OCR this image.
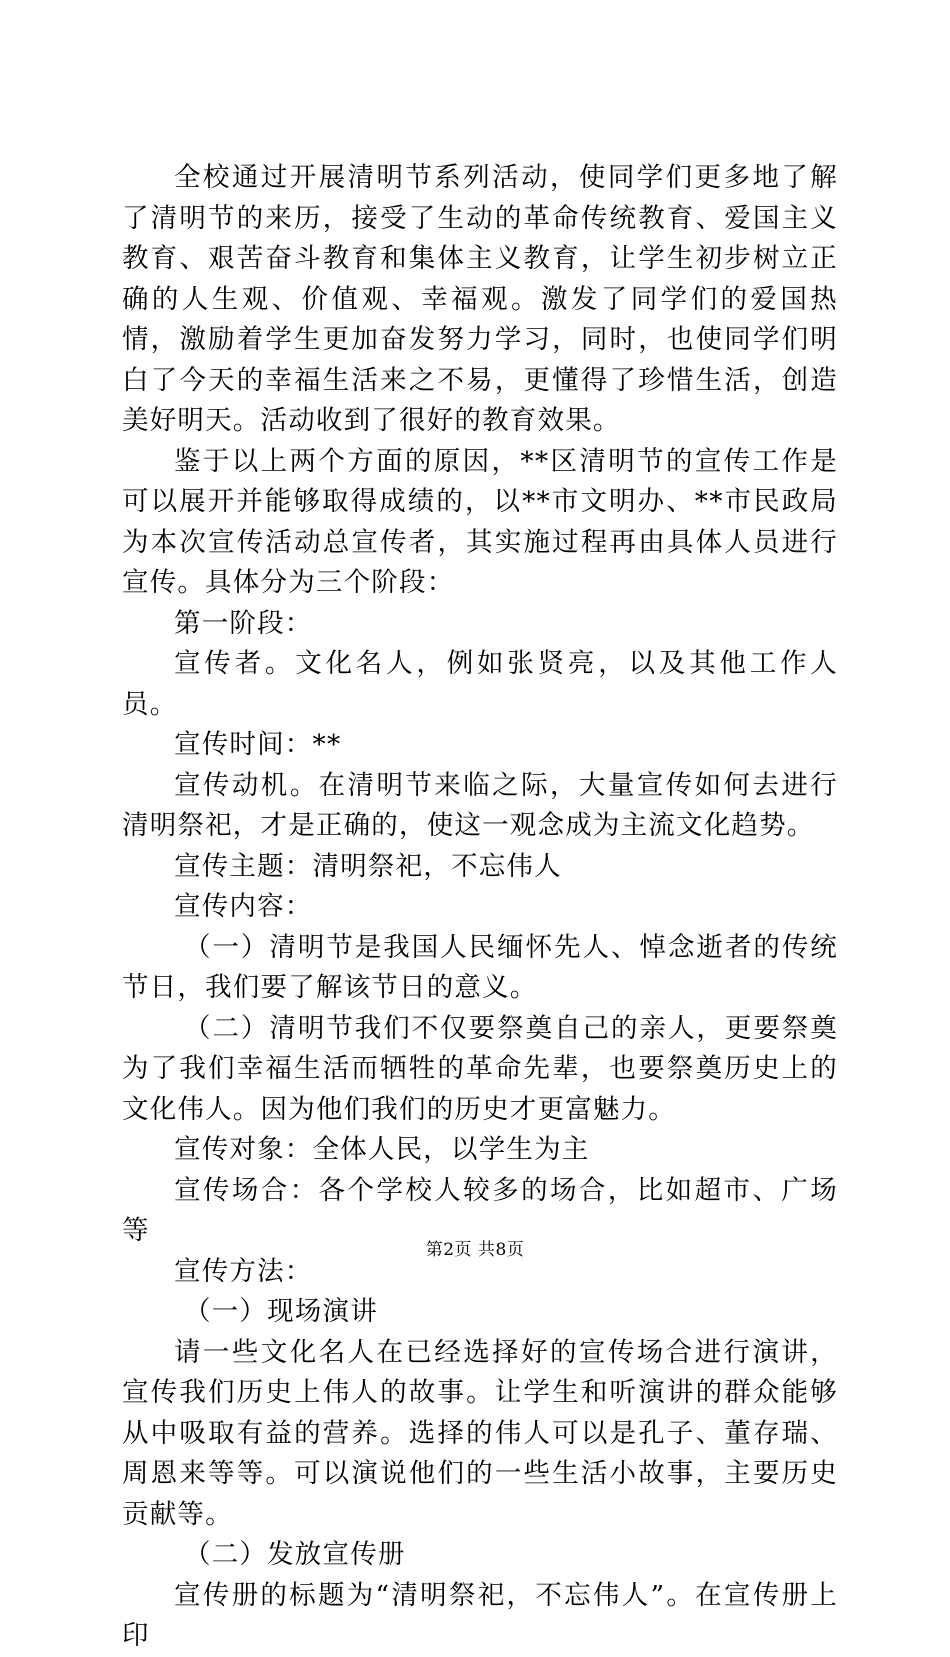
全校通过开展清明节系列活动，使同学们更多地了解了清明节的来历，接受了生动的革命传统教育、爱国主义教育、艰苦奋斗教育和集体主义教育，让学生初步树立正确的人生观、价值观、幸福观。激发了同学们的爱国热情，激励着学生更加奋发努力学习，同时，也使同学们明白了今天的幸福生活来之不易，更懂得了珍惜生活，创造美好明天。活动收到了很好的教育效果。

鉴于以上两个方面的原因，**区清明节的宣传工作是可以展开并能够取得成绩的，以**市文明办、**市民政局为本次宣传活动总宣传者，其实施过程再由具体人员进行宣传。具体分为三个阶段：

第一阶段：

宣传者。文化名人，例如张贤亮，以及其他工作人员。

宣传时间：**

宣传动机。在清明节来临之际，大量宣传如何去进行清明祭祀，才是正确的，使这一观念成为主流文化趋势。

宣传主题：清明祭祀，不忘伟人

宣传内容：

（一）清明节是我国人民缅怀先人、悼念逝者的传统节日，我们要了解该节日的意义。

（二）清明节我们不仅要祭奠自己的亲人，更要祭奠为了我们幸福生活而牺牲的革命先辈，也要祭奠历史上的文化伟人。因为他们我们的历史才更富魅力。

宣传对象：全体人民，以学生为主

宣传场合：各个学校人较多的场合，比如超市、广场等

宣传方法：

（一）现场演讲

请一些文化名人在已经选择好的宣传场合进行演讲，宣传我们历史上伟人的故事。让学生和听演讲的群众能够从中吸取有益的营养。选择的伟人可以是孔子、董存瑞、周恩来等等。可以演说他们的一些生活小故事，主要历史贡献等。

（二）发放宣传册

宣传册的标题为“清明祭祀，不忘伟人”。在宣传册上印

第2页 共8页
